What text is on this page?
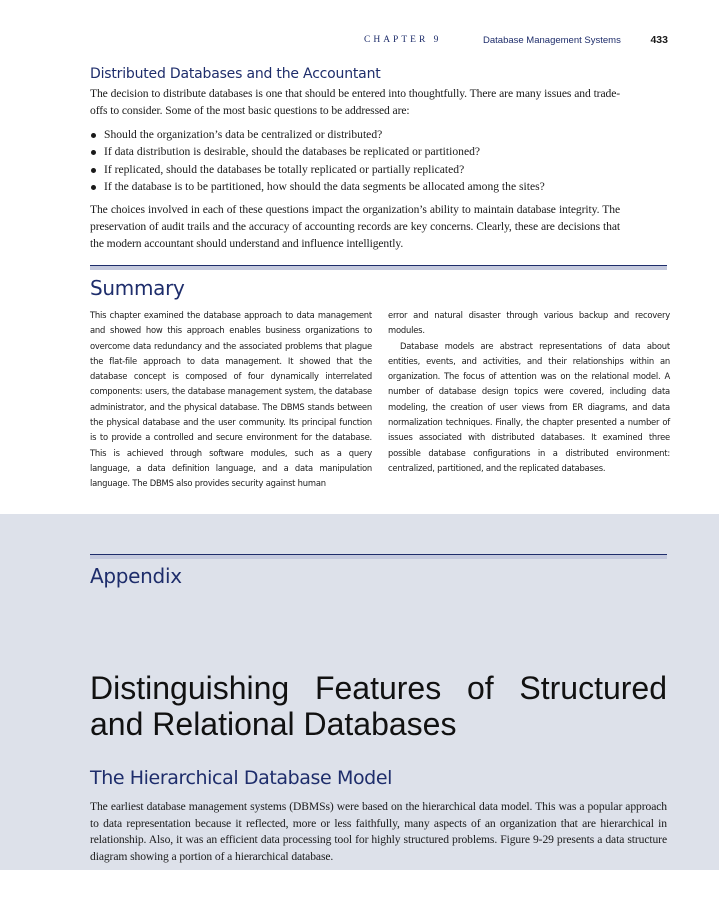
CHAPTER 9	Database Management Systems	433
Distributed Databases and the Accountant

The decision to distribute databases is one that should be entered into thoughtfully. There are many issues and trade-offs to consider. Some of the most basic questions to be addressed are:

Should the organization’s data be centralized or distributed?
If data distribution is desirable, should the databases be replicated or partitioned?
If replicated, should the databases be totally replicated or partially replicated?
If the database is to be partitioned, how should the data segments be allocated among the sites?

The choices involved in each of these questions impact the organization’s ability to maintain database integrity. The preservation of audit trails and the accuracy of accounting records are key concerns. Clearly, these are decisions that the modern accountant should understand and influence intelligently.

Summary

This chapter examined the database approach to data management and showed how this approach enables business organizations to overcome data redundancy and the associated problems that plague the flat-file approach to data management. It showed that the database concept is composed of four dynamically interrelated components: users, the database management system, the database administrator, and the physical database. The DBMS stands between the physical database and the user community. Its principal function is to provide a controlled and secure environment for the database. This is achieved through software modules, such as a query language, a data definition language, and a data manipulation language. The DBMS also provides security against human

error and natural disaster through various backup and recovery modules.

Database models are abstract representations of data about entities, events, and activities, and their relationships within an organization. The focus of attention was on the relational model. A number of database design topics were covered, including data modeling, the creation of user views from ER diagrams, and data normalization techniques. Finally, the chapter presented a number of issues associated with distributed databases. It examined three possible database configurations in a distributed environment: centralized, partitioned, and the replicated databases.

Appendix
Distinguishing Features of Structured and Relational Databases
The Hierarchical Database Model

The earliest database management systems (DBMSs) were based on the hierarchical data model. This was a popular approach to data representation because it reflected, more or less faithfully, many aspects of an organization that are hierarchical in relationship. Also, it was an efficient data processing tool for highly structured problems. Figure 9-29 presents a data structure diagram showing a portion of a hierarchical database.
